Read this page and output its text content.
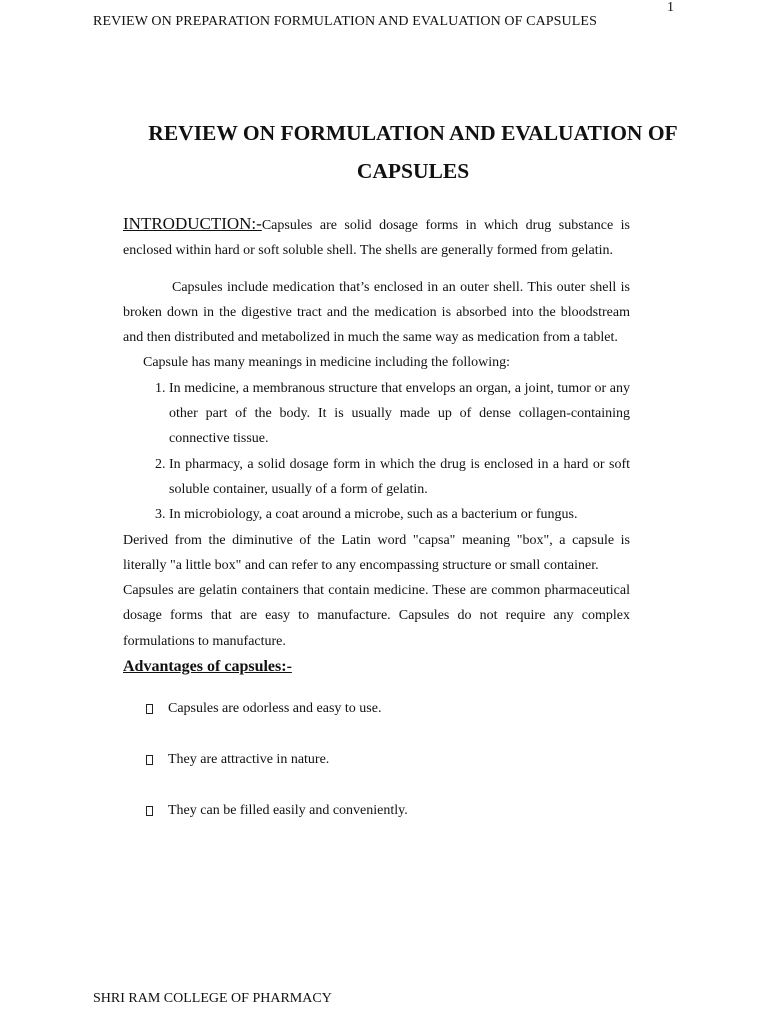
1
REVIEW ON PREPARATION FORMULATION AND EVALUATION OF CAPSULES
REVIEW ON FORMULATION AND EVALUATION OF
CAPSULES

INTRODUCTION:-Capsules are solid dosage forms in which drug substance is enclosed within hard or soft soluble shell. The shells are generally formed from gelatin.

Capsules include medication that’s enclosed in an outer shell. This outer shell is broken down in the digestive tract and the medication is absorbed into the bloodstream and then distributed and metabolized in much the same way as medication from a tablet.

Capsule has many meanings in medicine including the following:

1. In medicine, a membranous structure that envelops an organ, a joint, tumor or any other part of the body. It is usually made up of dense collagen-containing connective tissue.
2. In pharmacy, a solid dosage form in which the drug is enclosed in a hard or soft soluble container, usually of a form of gelatin.
3. In microbiology, a coat around a microbe, such as a bacterium or fungus.

Derived from the diminutive of the Latin word "capsa" meaning "box", a capsule is literally "a little box" and can refer to any encompassing structure or small container.

Capsules are gelatin containers that contain medicine. These are common pharmaceutical dosage forms that are easy to manufacture. Capsules do not require any complex formulations to manufacture.

Advantages of capsules:-
Capsules are odorless and easy to use.
They are attractive in nature.
They can be filled easily and conveniently.
SHRI RAM COLLEGE OF PHARMACY
